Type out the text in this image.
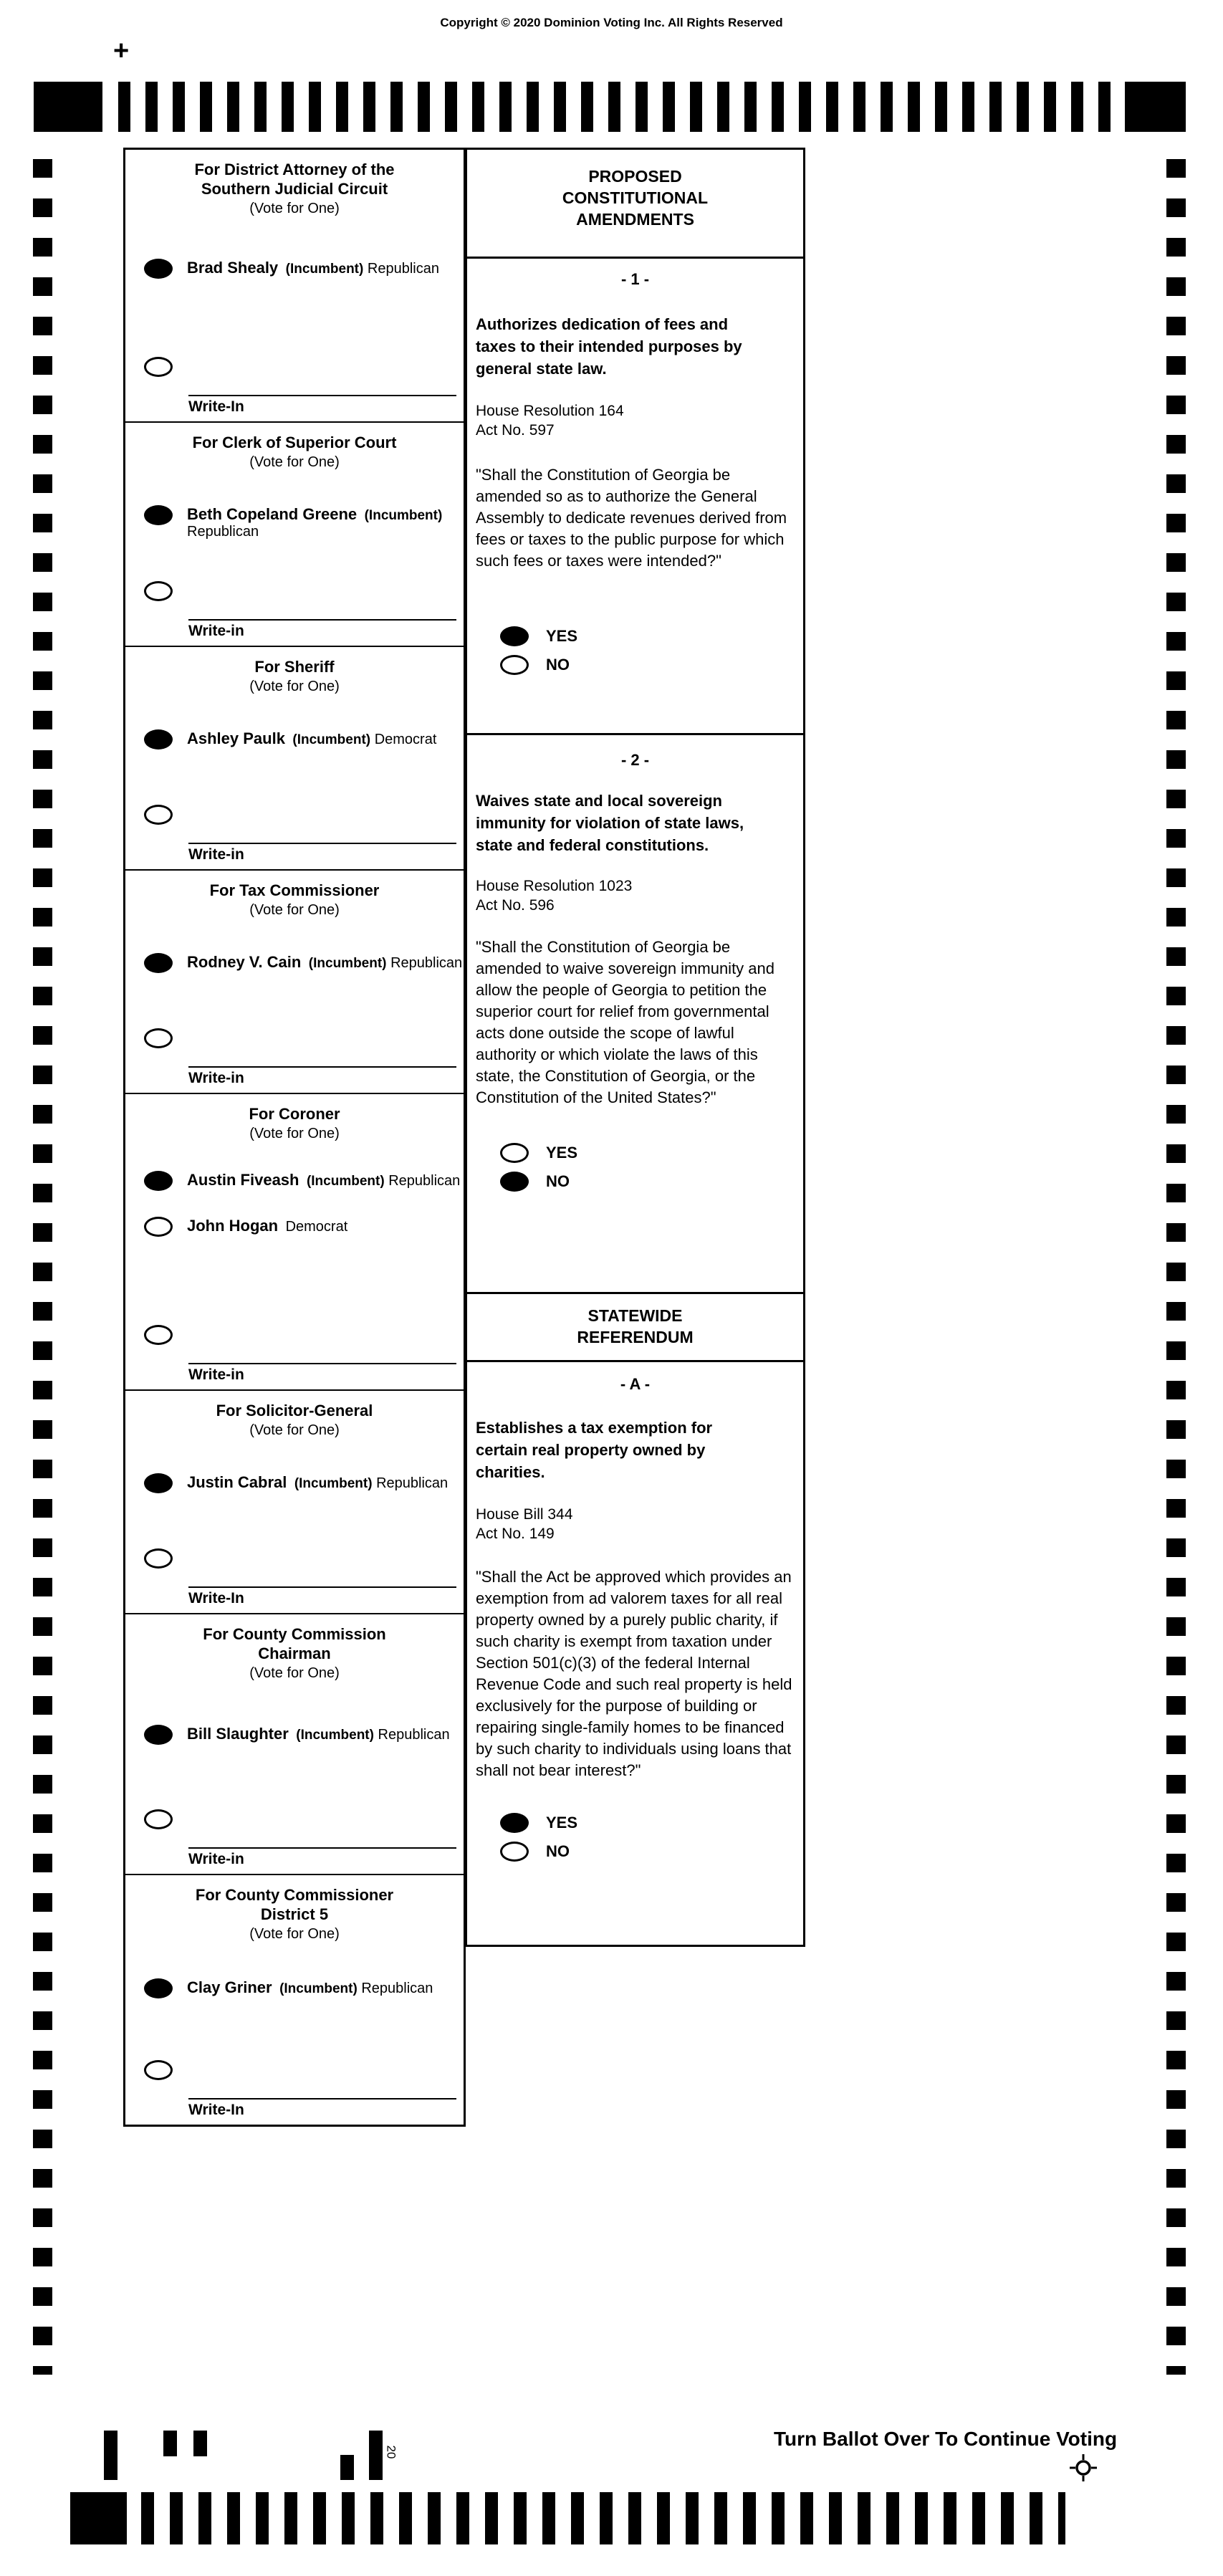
Copyright © 2020 Dominion Voting Inc. All Rights Reserved
+
For District Attorney of the Southern Judicial Circuit
(Vote for One)
Brad Shealy (Incumbent) Republican
Write-In
For Clerk of Superior Court
(Vote for One)
Beth Copeland Greene (Incumbent) Republican
Write-in
For Sheriff
(Vote for One)
Ashley Paulk (Incumbent) Democrat
Write-in
For Tax Commissioner
(Vote for One)
Rodney V. Cain (Incumbent) Republican
Write-in
For Coroner
(Vote for One)
Austin Fiveash (Incumbent) Republican
John Hogan Democrat
Write-in
For Solicitor-General
(Vote for One)
Justin Cabral (Incumbent) Republican
Write-In
For County Commission Chairman
(Vote for One)
Bill Slaughter (Incumbent) Republican
Write-in
For County Commissioner District 5
(Vote for One)
Clay Griner (Incumbent) Republican
Write-In
PROPOSED CONSTITUTIONAL AMENDMENTS
- 1 -
Authorizes dedication of fees and taxes to their intended purposes by general state law.
House Resolution 164
Act No. 597
"Shall the Constitution of Georgia be amended so as to authorize the General Assembly to dedicate revenues derived from fees or taxes to the public purpose for which such fees or taxes were intended?"
YES
NO
- 2 -
Waives state and local sovereign immunity for violation of state laws, state and federal constitutions.
House Resolution 1023
Act No. 596
"Shall the Constitution of Georgia be amended to waive sovereign immunity and allow the people of Georgia to petition the superior court for relief from governmental acts done outside the scope of lawful authority or which violate the laws of this state, the Constitution of Georgia, or the Constitution of the United States?"
YES
NO
STATEWIDE REFERENDUM
- A -
Establishes a tax exemption for certain real property owned by charities.
House Bill 344
Act No. 149
"Shall the Act be approved which provides an exemption from ad valorem taxes for all real property owned by a purely public charity, if such charity is exempt from taxation under Section 501(c)(3) of the federal Internal Revenue Code and such real property is held exclusively for the purpose of building or repairing single-family homes to be financed by such charity to individuals using loans that shall not bear interest?"
YES
NO
20
Turn Ballot Over To Continue Voting
